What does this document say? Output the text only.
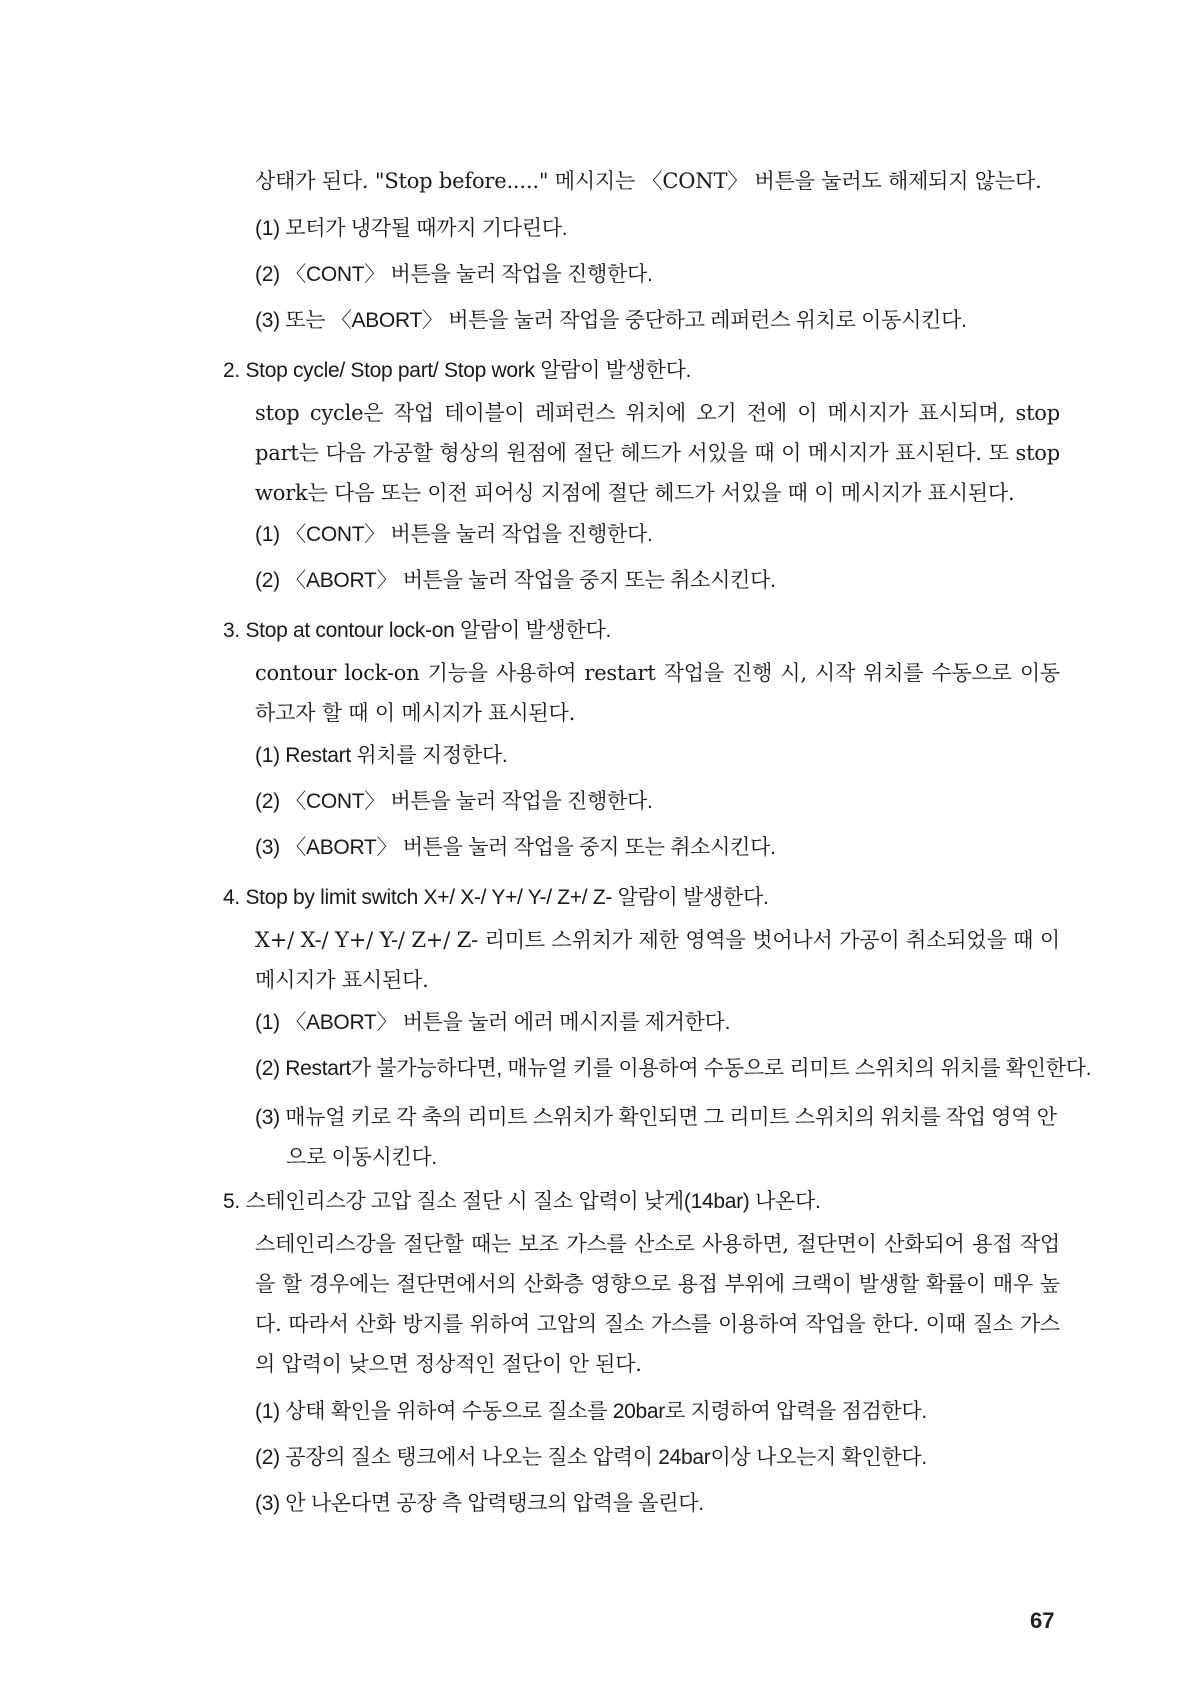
상태가 된다. "Stop before....." 메시지는 〈CONT〉 버튼을 눌러도 해제되지 않는다.
(1) 모터가 냉각될 때까지 기다린다.
(2) 〈CONT〉 버튼을 눌러 작업을 진행한다.
(3) 또는 〈ABORT〉 버튼을 눌러 작업을 중단하고 레퍼런스 위치로 이동시킨다.
2. Stop cycle/ Stop part/ Stop work 알람이 발생한다.
stop cycle은 작업 테이블이 레퍼런스 위치에 오기 전에 이 메시지가 표시되며, stop part는 다음 가공할 형상의 원점에 절단 헤드가 서있을 때 이 메시지가 표시된다. 또 stop work는 다음 또는 이전 피어싱 지점에 절단 헤드가 서있을 때 이 메시지가 표시된다.
(1) 〈CONT〉 버튼을 눌러 작업을 진행한다.
(2) 〈ABORT〉 버튼을 눌러 작업을 중지 또는 취소시킨다.
3. Stop at contour lock-on 알람이 발생한다.
contour lock-on 기능을 사용하여 restart 작업을 진행 시, 시작 위치를 수동으로 이동하고자 할 때 이 메시지가 표시된다.
(1) Restart 위치를 지정한다.
(2) 〈CONT〉 버튼을 눌러 작업을 진행한다.
(3) 〈ABORT〉 버튼을 눌러 작업을 중지 또는 취소시킨다.
4. Stop by limit switch X+/ X-/ Y+/ Y-/ Z+/ Z- 알람이 발생한다.
X+/ X-/ Y+/ Y-/ Z+/ Z- 리미트 스위치가 제한 영역을 벗어나서 가공이 취소되었을 때 이 메시지가 표시된다.
(1) 〈ABORT〉 버튼을 눌러 에러 메시지를 제거한다.
(2) Restart가 불가능하다면, 매뉴얼 키를 이용하여 수동으로 리미트 스위치의 위치를 확인한다.
(3) 매뉴얼 키로 각 축의 리미트 스위치가 확인되면 그 리미트 스위치의 위치를 작업 영역 안으로 이동시킨다.
5. 스테인리스강 고압 질소 절단 시 질소 압력이 낮게(14bar) 나온다.
스테인리스강을 절단할 때는 보조 가스를 산소로 사용하면, 절단면이 산화되어 용접 작업을 할 경우에는 절단면에서의 산화층 영향으로 용접 부위에 크랙이 발생할 확률이 매우 높다. 따라서 산화 방지를 위하여 고압의 질소 가스를 이용하여 작업을 한다. 이때 질소 가스의 압력이 낮으면 정상적인 절단이 안 된다.
(1) 상태 확인을 위하여 수동으로 질소를 20bar로 지령하여 압력을 점검한다.
(2) 공장의 질소 탱크에서 나오는 질소 압력이 24bar이상 나오는지 확인한다.
(3) 안 나온다면 공장 측 압력탱크의 압력을 올린다.
67
